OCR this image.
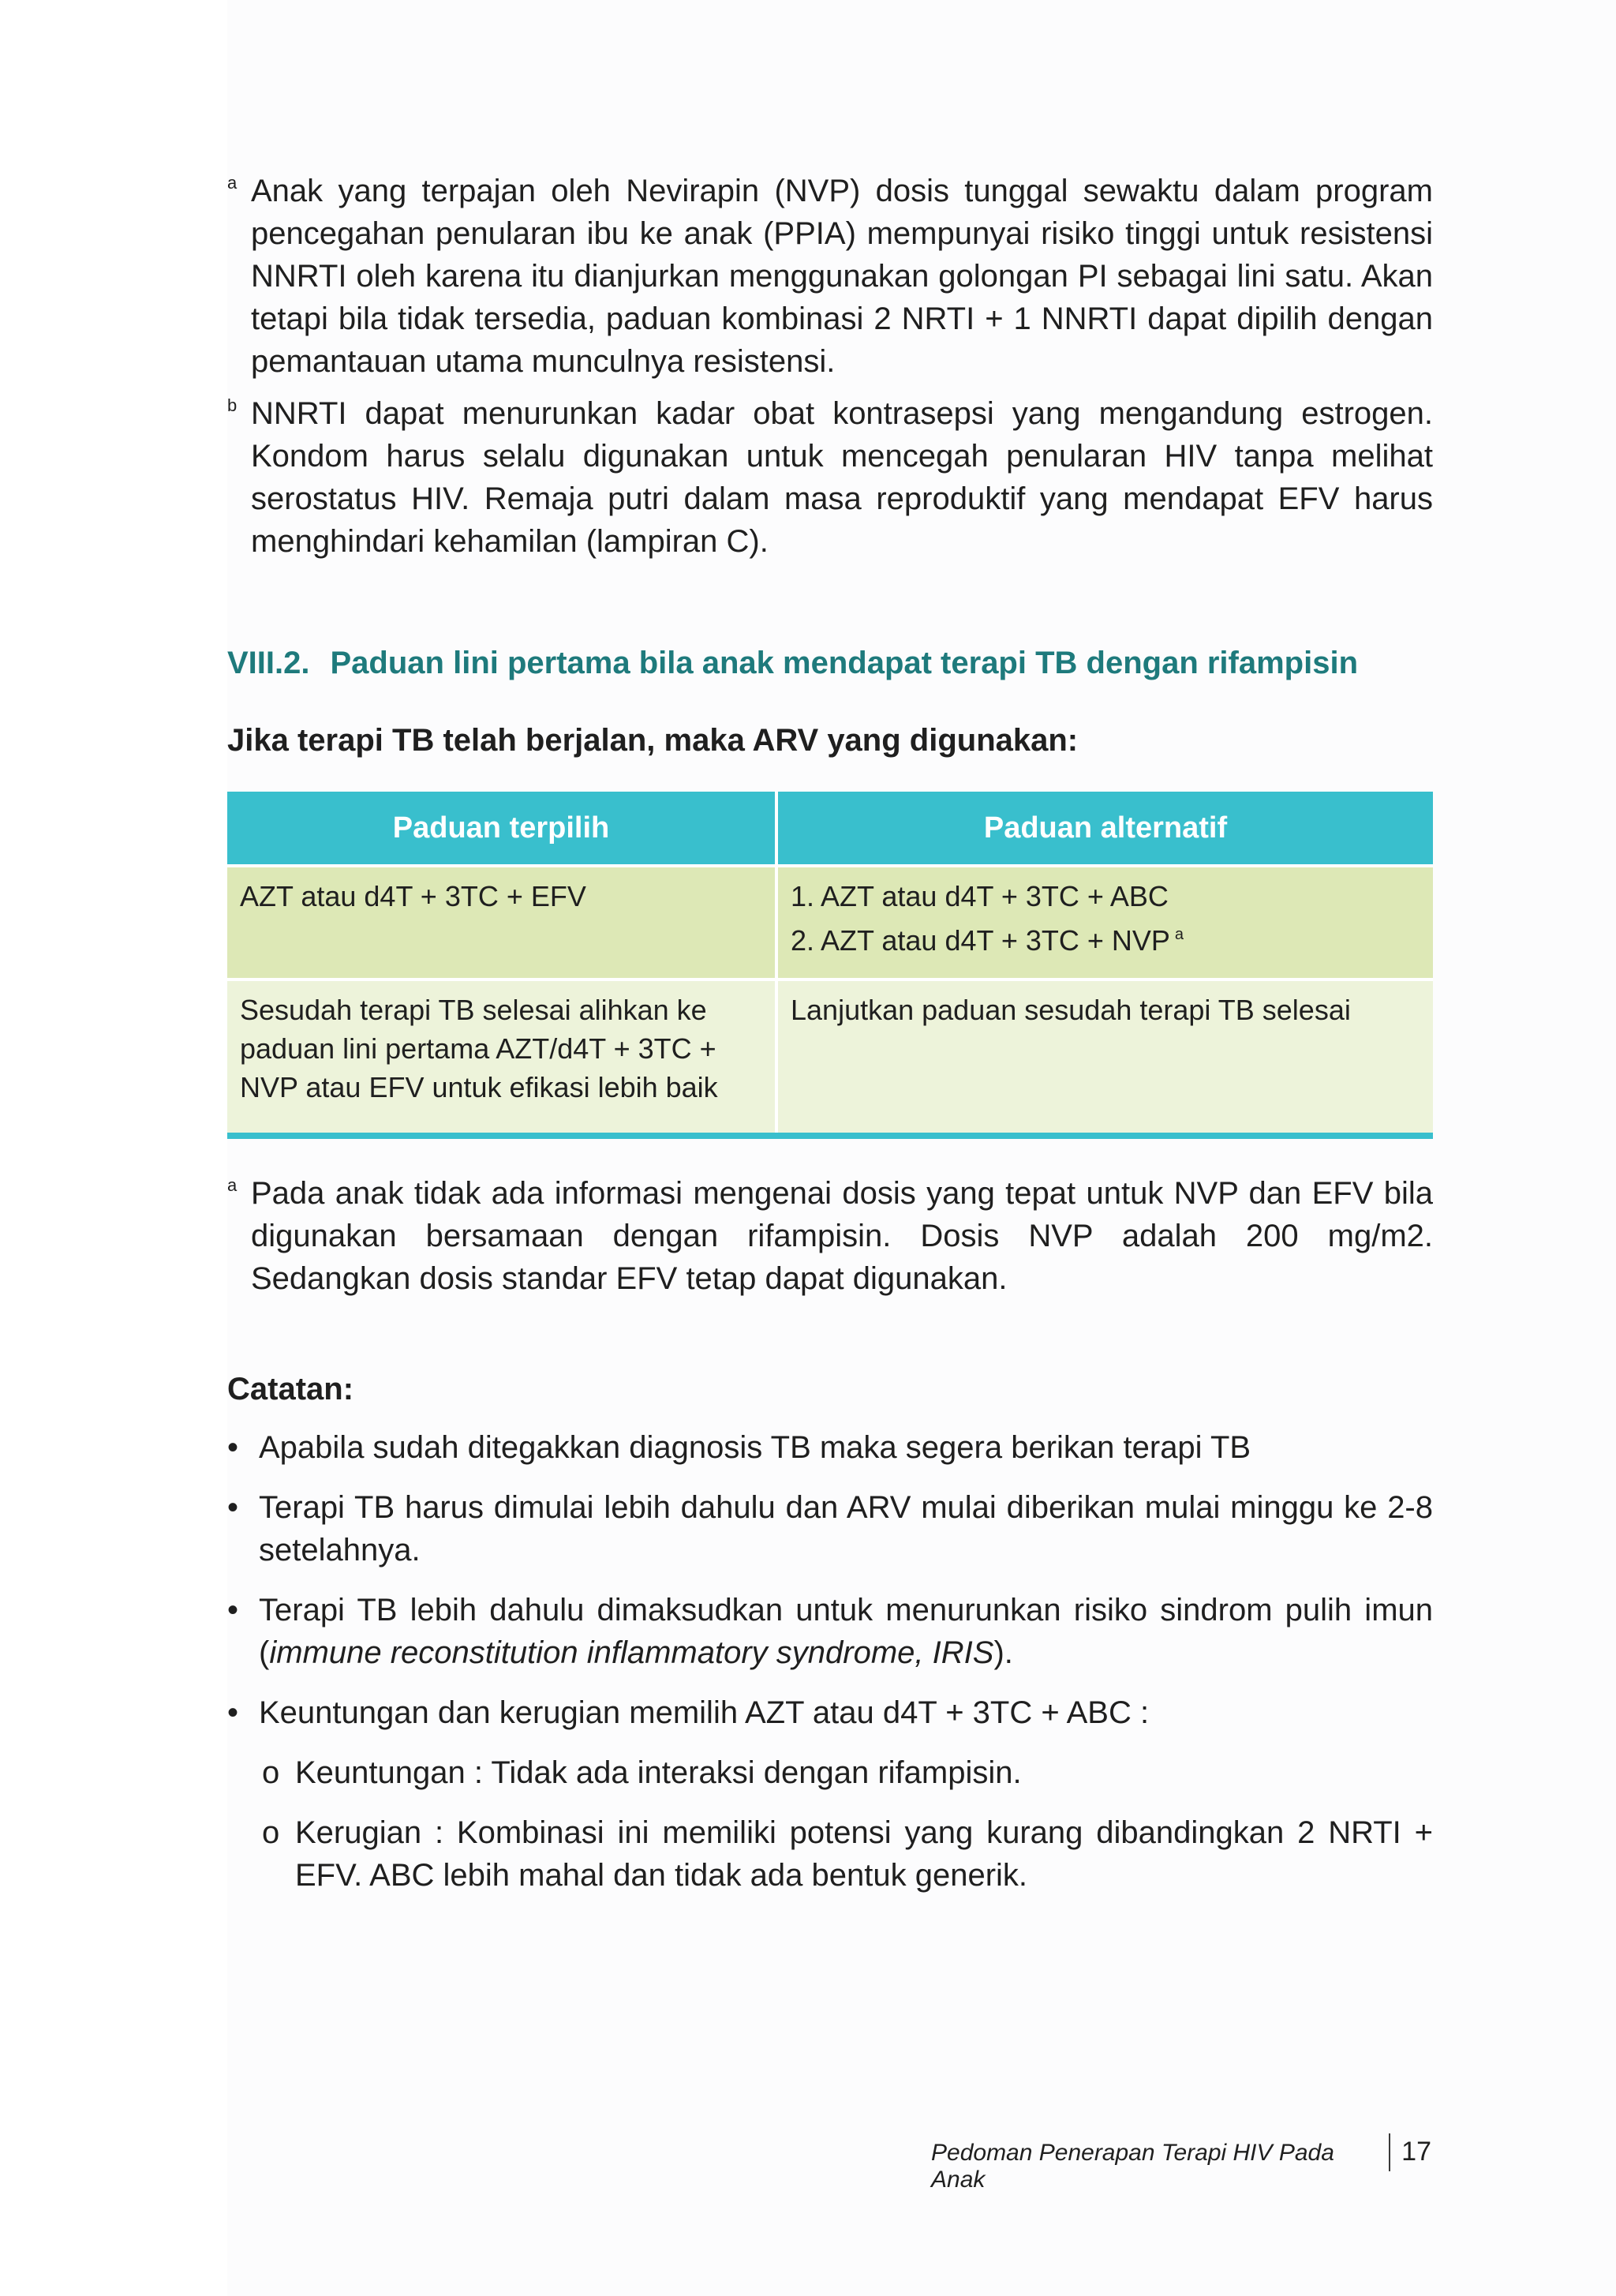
a Anak yang terpajan oleh Nevirapin (NVP) dosis tunggal sewaktu dalam program pencegahan penularan ibu ke anak (PPIA) mempunyai risiko tinggi untuk resistensi NNRTI oleh karena itu dianjurkan menggunakan golongan PI sebagai lini satu. Akan tetapi bila tidak tersedia, paduan kombinasi 2 NRTI + 1 NNRTI dapat dipilih dengan pemantauan utama munculnya resistensi.

b NNRTI dapat menurunkan kadar obat kontrasepsi yang mengandung estrogen. Kondom harus selalu digunakan untuk mencegah penularan HIV tanpa melihat serostatus HIV. Remaja putri dalam masa reproduktif yang mendapat EFV harus menghindari kehamilan (lampiran C).

VIII.2. Paduan lini pertama bila anak mendapat terapi TB dengan rifampisin
Jika terapi TB telah berjalan, maka ARV yang digunakan:
Paduan terpilih	Paduan alternatif

AZT atau d4T + 3TC + EFV	1. AZT atau d4T + 3TC + ABC
2. AZT atau d4T + 3TC + NVP $^a$

Sesudah terapi TB selesai alihkan ke paduan lini pertama AZT/d4T + 3TC + NVP atau EFV untuk efikasi lebih baik	Lanjutkan paduan sesudah terapi TB selesai

a Pada anak tidak ada informasi mengenai dosis yang tepat untuk NVP dan EFV bila digunakan bersamaan dengan rifampisin. Dosis NVP adalah 200 mg/m2. Sedangkan dosis standar EFV tetap dapat digunakan.

Catatan:
• Apabila sudah ditegakkan diagnosis TB maka segera berikan terapi TB
• Terapi TB harus dimulai lebih dahulu dan ARV mulai diberikan mulai minggu ke 2-8 setelahnya.
• Terapi TB lebih dahulu dimaksudkan untuk menurunkan risiko sindrom pulih imun (immune reconstitution inflammatory syndrome, IRIS).
• Keuntungan dan kerugian memilih AZT atau d4T + 3TC + ABC :
o Keuntungan : Tidak ada interaksi dengan rifampisin.
o Kerugian : Kombinasi ini memiliki potensi yang kurang dibandingkan 2 NRTI + EFV. ABC lebih mahal dan tidak ada bentuk generik.
Pedoman Penerapan Terapi HIV Pada Anak
17
